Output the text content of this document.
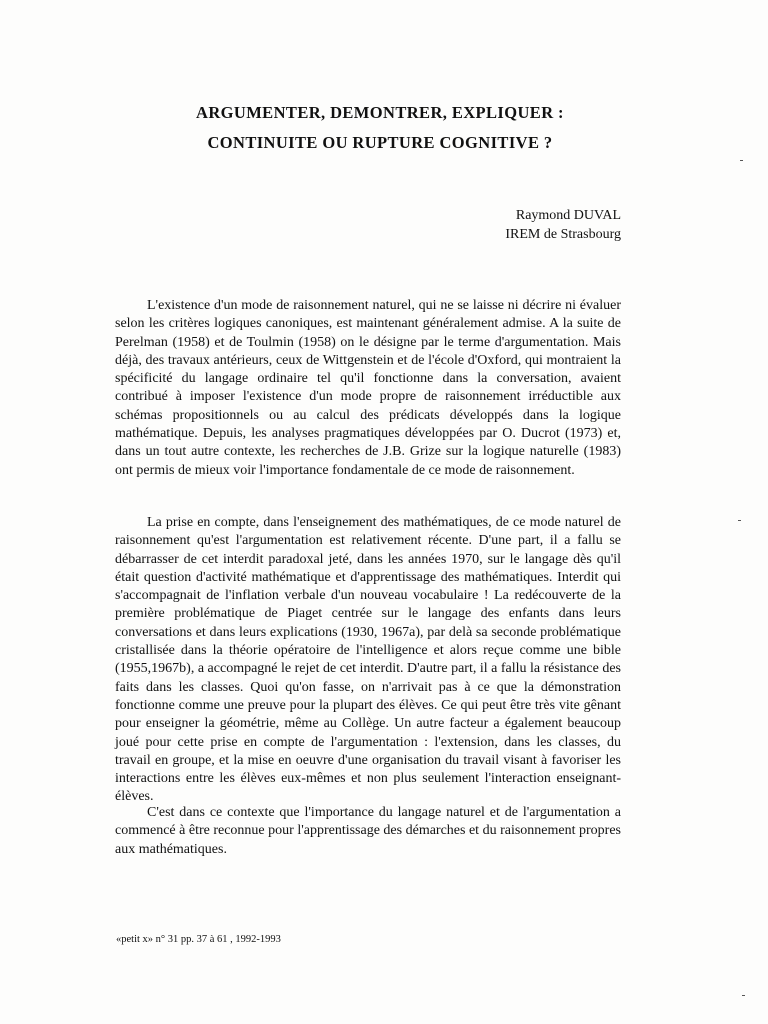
ARGUMENTER, DEMONTRER, EXPLIQUER :
CONTINUITE OU RUPTURE COGNITIVE ?
Raymond DUVAL
IREM de Strasbourg

L'existence d'un mode de raisonnement naturel, qui ne se laisse ni décrire ni évaluer selon les critères logiques canoniques, est maintenant généralement admise. A la suite de Perelman (1958) et de Toulmin (1958) on le désigne par le terme d'argumentation. Mais déjà, des travaux antérieurs, ceux de Wittgenstein et de l'école d'Oxford, qui montraient la spécificité du langage ordinaire tel qu'il fonctionne dans la conversation, avaient contribué à imposer l'existence d'un mode propre de raisonnement irréductible aux schémas propositionnels ou au calcul des prédicats développés dans la logique mathématique. Depuis, les analyses pragmatiques développées par O. Ducrot (1973) et, dans un tout autre contexte, les recherches de J.B. Grize sur la logique naturelle (1983) ont permis de mieux voir l'importance fondamentale de ce mode de raisonnement.

La prise en compte, dans l'enseignement des mathématiques, de ce mode naturel de raisonnement qu'est l'argumentation est relativement récente. D'une part, il a fallu se débarrasser de cet interdit paradoxal jeté, dans les années 1970, sur le langage dès qu'il était question d'activité mathématique et d'apprentissage des mathématiques. Interdit qui s'accompagnait de l'inflation verbale d'un nouveau vocabulaire ! La redécouverte de la première problématique de Piaget centrée sur le langage des enfants dans leurs conversations et dans leurs explications (1930, 1967a), par delà sa seconde problématique cristallisée dans la théorie opératoire de l'intelligence et alors reçue comme une bible (1955,1967b), a accompagné le rejet de cet interdit. D'autre part, il a fallu la résistance des faits dans les classes. Quoi qu'on fasse, on n'arrivait pas à ce que la démonstration fonctionne comme une preuve pour la plupart des élèves. Ce qui peut être très vite gênant pour enseigner la géométrie, même au Collège. Un autre facteur a également beaucoup joué pour cette prise en compte de l'argumentation : l'extension, dans les classes, du travail en groupe, et la mise en oeuvre d'une organisation du travail visant à favoriser les interactions entre les élèves eux-mêmes et non plus seulement l'interaction enseignant-élèves.

C'est dans ce contexte que l'importance du langage naturel et de l'argumentation a commencé à être reconnue pour l'apprentissage des démarches et du raisonnement propres aux mathématiques.

«petit x» n° 31 pp. 37 à 61 , 1992-1993
